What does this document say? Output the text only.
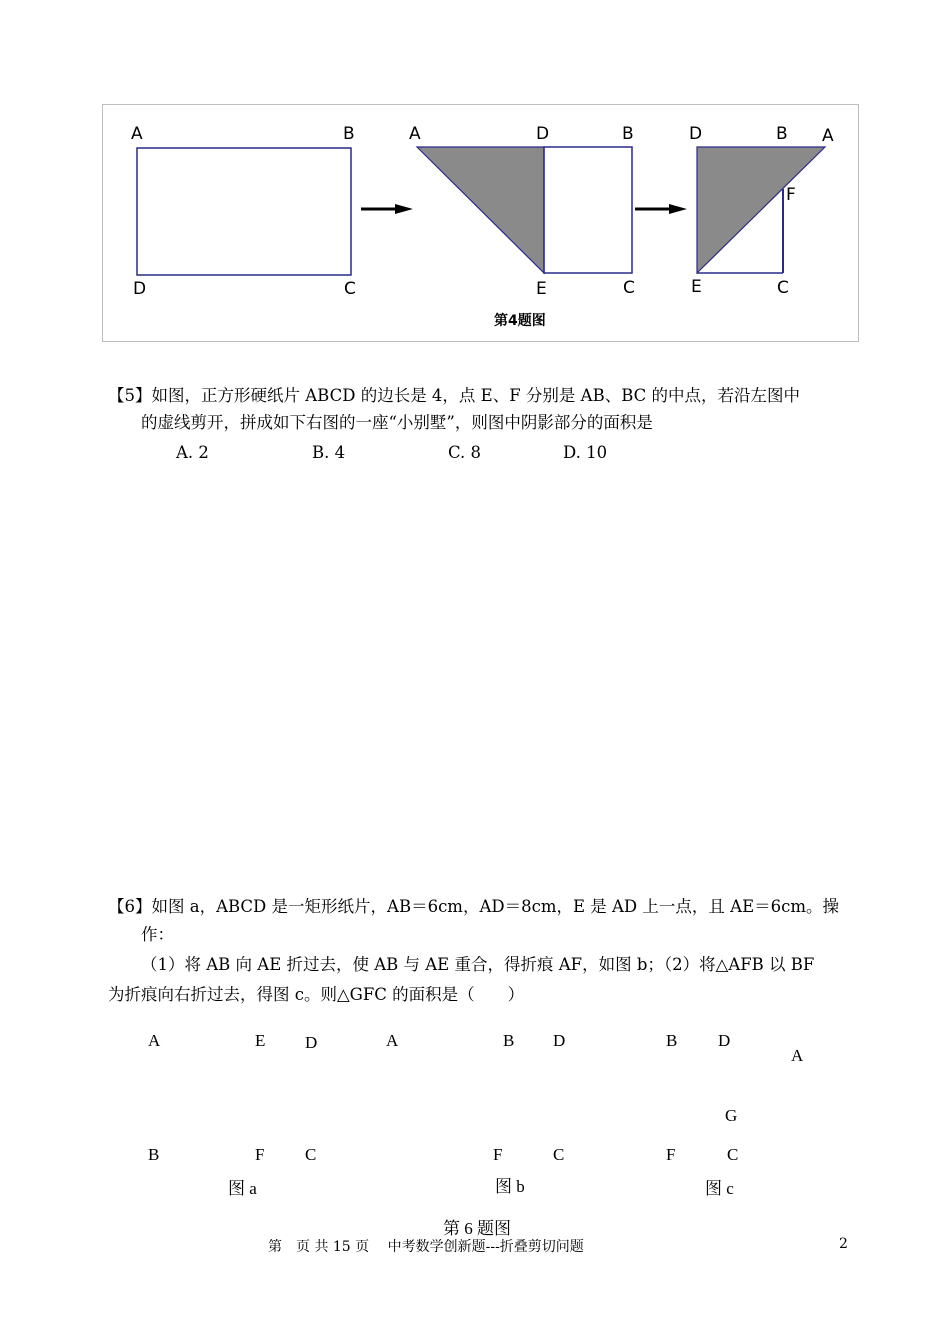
A	B
D	C
A	D	B
E	C
D	B A
F
E	C
第4题图
【5】如图，正方形硬纸片 ABCD 的边长是 4，点 E、F 分别是 AB、BC 的中点，若沿左图中
的虚线剪开，拼成如下右图的一座“小别墅”，则图中阴影部分的面积是
A. 2	B. 4	C. 8	D. 10
【6】如图 a，ABCD 是一矩形纸片，AB＝6cm，AD＝8cm，E 是 AD 上一点，且 AE＝6cm。操
作：
（1）将 AB 向 AE 折过去，使 AB 与 AE 重合，得折痕 AF，如图 b；（2）将△AFB 以 BF
为折痕向右折过去，得图 c。则△GFC 的面积是（　　）
A	E D
B	F C
图 a
A	B D
F	C
图 b
B D
A
G
F	C
图 c
第 6 题图
第　页 共 15 页　 中考数学创新题---折叠剪切问题	2
